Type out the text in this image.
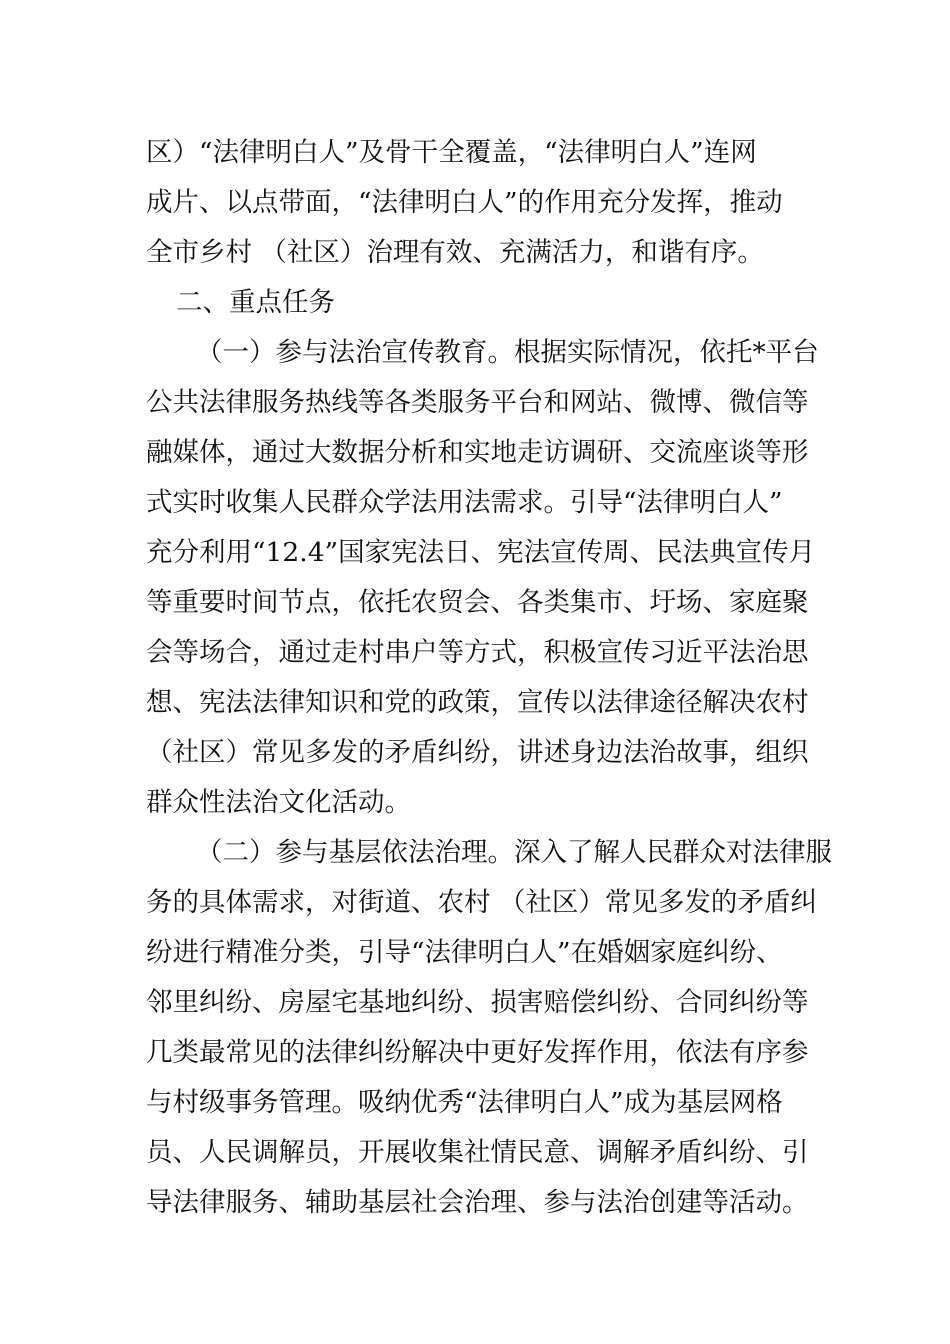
区）“法律明白人”及骨干全覆盖，“法律明白人”连网
成片、以点带面，“法律明白人”的作用充分发挥，推动
全市乡村 （社区）治理有效、充满活力，和谐有序。
二、重点任务
（一）参与法治宣传教育。根据实际情况，依托*平台
公共法律服务热线等各类服务平台和网站、微博、微信等
融媒体，通过大数据分析和实地走访调研、交流座谈等形
式实时收集人民群众学法用法需求。引导“法律明白人”
充分利用“12.4”国家宪法日、宪法宣传周、民法典宣传月
等重要时间节点，依托农贸会、各类集市、圩场、家庭聚
会等场合，通过走村串户等方式，积极宣传习近平法治思
想、宪法法律知识和党的政策，宣传以法律途径解决农村
（社区）常见多发的矛盾纠纷，讲述身边法治故事，组织
群众性法治文化活动。
（二）参与基层依法治理。深入了解人民群众对法律服
务的具体需求，对街道、农村 （社区）常见多发的矛盾纠
纷进行精准分类，引导“法律明白人”在婚姻家庭纠纷、
邻里纠纷、房屋宅基地纠纷、损害赔偿纠纷、合同纠纷等
几类最常见的法律纠纷解决中更好发挥作用，依法有序参
与村级事务管理。吸纳优秀“法律明白人”成为基层网格
员、人民调解员，开展收集社情民意、调解矛盾纠纷、引
导法律服务、辅助基层社会治理、参与法治创建等活动。
